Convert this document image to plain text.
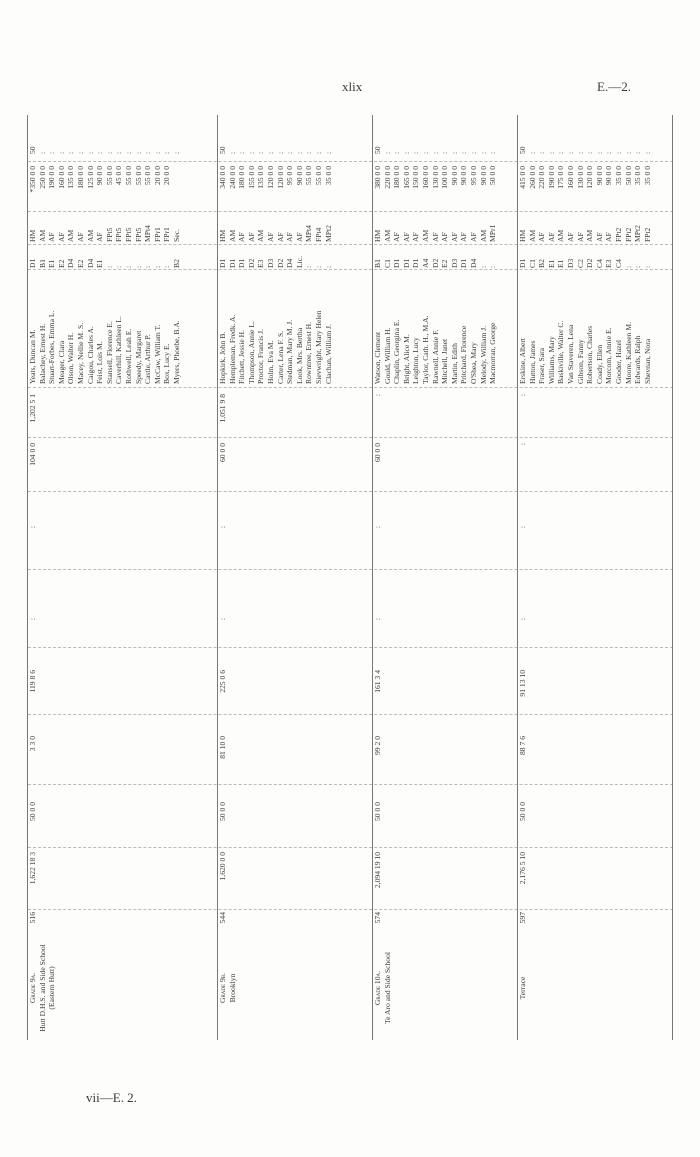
xlix	E.—2.
Grade 9a. Hutt D.H.S. and Side School (Eastern Hutt)
516
1,622 18 3
50 0 0
3 3 0
119 8 6
:
:
104 0 0
1,202 5 1
Yeats, Duncan M.
D1
HM
*350 0 0
50
Balachey, Ernest H.
B1
AM
250 0 0
:
Stuart-Forbes, Emma L.
E1
AF
190 0 0
:
Meager, Clara
E2
AF
160 0 0
:
Olson, Walter H.
D4
AM
135 0 0
:
Macey, Nellie M. S.
E2
AF
180 0 0
:
Caigou, Charles A.
D4
AM
125 0 0
:
Feist, Lois M.
E1
AF
90 0 0
:
Stansell, Florence E.
:
FPt5
55 0 0
:
Caverhill, Kathleen L.
:
FPt5
45 0 0
:
Rothwell, Leah E.
:
FPt5
55 0 0
:
Speedy, Margaret
:
FPt5
55 0 0
:
Castle, Arthur P.
:
MPt4
55 0 0
:
McCaw, William T.
:
FPr1
20 0 0
:
Box, Lucy E.
:
FPr1
20 0 0
:
Myers, Phoebe, B.A.
B2
Sec.
:
Grade 9b. Brooklyn
544
1,620 0 0
50 0 0
81 10 0
225 0 6
:
:
60 0 0
1,051 9 8
Hopkirk, John B.
D1
HM
340 0 0
50
Hempleman, Fredk. A.
D1
AM
240 0 0
:
Fitchett, Jessie H.
D1
AF
180 0 0
:
Thompson, Annie L.
D2
AF
155 0 0
:
Proctor, Francis J.
E3
AM
135 0 0
:
Holm, Eva M.
D3
AF
120 0 0
:
Carter, Lena F. S.
D2
AF
120 0 0
:
Stedman, Mary M. J.
D4
AF
95 0 0
:
Look, Mrs. Bertha
Lic.
AF
90 0 0
:
Rowntree, Ernest H.
:
MPt4
55 0 0
:
Sievwright, Mary Helen
:
FPt4
55 0 0
:
Clachan, William J.
:
MPt2
35 0 0
:
Grade 10a. Te Aro and Side School
574
2,094 19 10
50 0 0
99 2 0
161 3 4
:
:
60 0 0
:
Watson, Clement
B1
HM
380 0 0
50
Gould, William H.
C1
AM
220 0 0
:
Chaplin, Georgina E.
D1
AF
180 0 0
:
Bright, Alice M.
D1
AF
165 0 0
:
Leighton, Lucy
D1
AF
150 0 0
:
Taylor, Cath. H., M.A.
A4
AM
160 0 0
:
Rawnell, Annie F.
D2
AF
130 0 0
:
Mitchell, Janet
E2
AF
100 0 0
:
Martin, Edith
D3
AF
90 0 0
:
Pritchard, Florence
D1
AF
90 0 0
:
O'Shea, Mary
D4
AF
95 0 0
:
Melody, William J.
:
AM
90 0 0
:
Macmorran, George
:
MPr1
50 0 0
:
Terrace
597
2,176 5 10
50 0 0
88 7 6
91 13 10
:
:
:
:
Erskine, Albert
D1
HM
415 0 0
50
Hutton, James
C1
AM
260 0 0
:
Fraser, Sara
B2
AF
220 0 0
:
Williams, Mary
E1
AF
190 0 0
:
Baskiville, Walter C.
E1
AM
175 0 0
:
Van Staveren, Lena
D3
AF
160 0 0
:
Gibson, Fanny
C2
AF
130 0 0
:
Robertson, Charles
D2
AM
120 0 0
:
Coady, Ellen
C4
AF
90 0 0
:
Morcom, Annie E.
E3
AF
90 0 0
:
Gooder, Hazel
C4
FPt2
35 0 0
:
Moore, Kathleen M.
:
FPt2
50 0 0
:
Edwards, Ralph
:
MPt2
35 0 0
:
Shevnan, Nora
:
FPt2
35 0 0
:
vii—E. 2.
